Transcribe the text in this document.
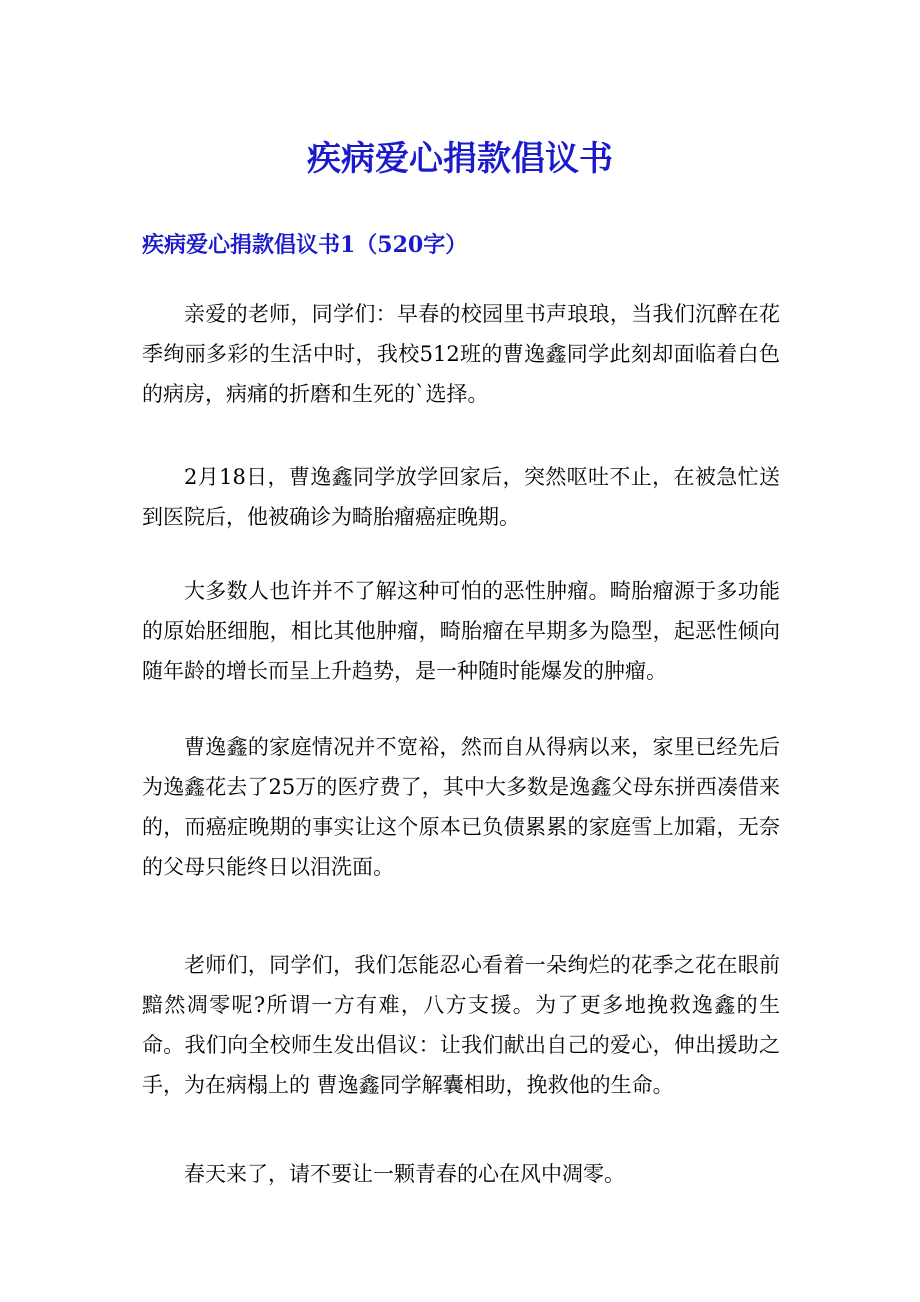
疾病爱心捐款倡议书
疾病爱心捐款倡议书1（520字）

亲爱的老师，同学们：早春的校园里书声琅琅，当我们沉醉在花季绚丽多彩的生活中时，我校512班的曹逸鑫同学此刻却面临着白色的病房，病痛的折磨和生死的`选择。

2月18日，曹逸鑫同学放学回家后，突然呕吐不止，在被急忙送到医院后，他被确诊为畸胎瘤癌症晚期。

大多数人也许并不了解这种可怕的恶性肿瘤。畸胎瘤源于多功能的原始胚细胞，相比其他肿瘤，畸胎瘤在早期多为隐型，起恶性倾向随年龄的增长而呈上升趋势，是一种随时能爆发的肿瘤。

曹逸鑫的家庭情况并不宽裕，然而自从得病以来，家里已经先后为逸鑫花去了25万的医疗费了，其中大多数是逸鑫父母东拼西凑借来的，而癌症晚期的事实让这个原本已负债累累的家庭雪上加霜，无奈的父母只能终日以泪洗面。

老师们，同学们，我们怎能忍心看着一朵绚烂的花季之花在眼前黯然凋零呢?所谓一方有难，八方支援。为了更多地挽救逸鑫的生命。我们向全校师生发出倡议：让我们献出自己的爱心，伸出援助之手，为在病榻上的 曹逸鑫同学解囊相助，挽救他的生命。

春天来了，请不要让一颗青春的心在风中凋零。
